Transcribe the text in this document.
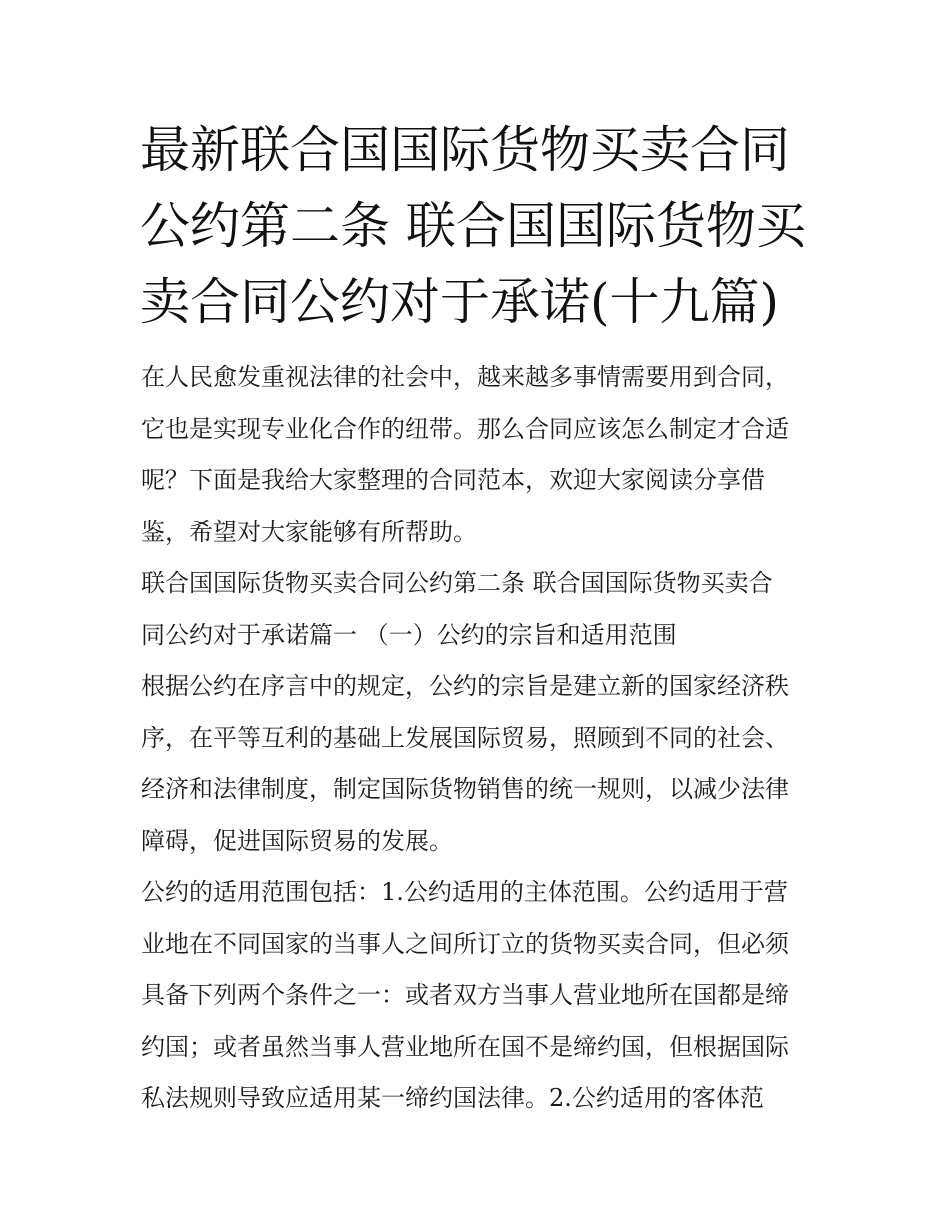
最新联合国国际货物买卖合同
公约第二条 联合国国际货物买
卖合同公约对于承诺(十九篇)
在人民愈发重视法律的社会中，越来越多事情需要用到合同，
它也是实现专业化合作的纽带。那么合同应该怎么制定才合适
呢？下面是我给大家整理的合同范本，欢迎大家阅读分享借
鉴，希望对大家能够有所帮助。
联合国国际货物买卖合同公约第二条 联合国国际货物买卖合
同公约对于承诺篇一 （一）公约的宗旨和适用范围
根据公约在序言中的规定，公约的宗旨是建立新的国家经济秩
序，在平等互利的基础上发展国际贸易，照顾到不同的社会、
经济和法律制度，制定国际货物销售的统一规则，以减少法律
障碍，促进国际贸易的发展。
公约的适用范围包括：1.公约适用的主体范围。公约适用于营
业地在不同国家的当事人之间所订立的货物买卖合同，但必须
具备下列两个条件之一：或者双方当事人营业地所在国都是缔
约国；或者虽然当事人营业地所在国不是缔约国，但根据国际
私法规则导致应适用某一缔约国法律。2.公约适用的客体范
